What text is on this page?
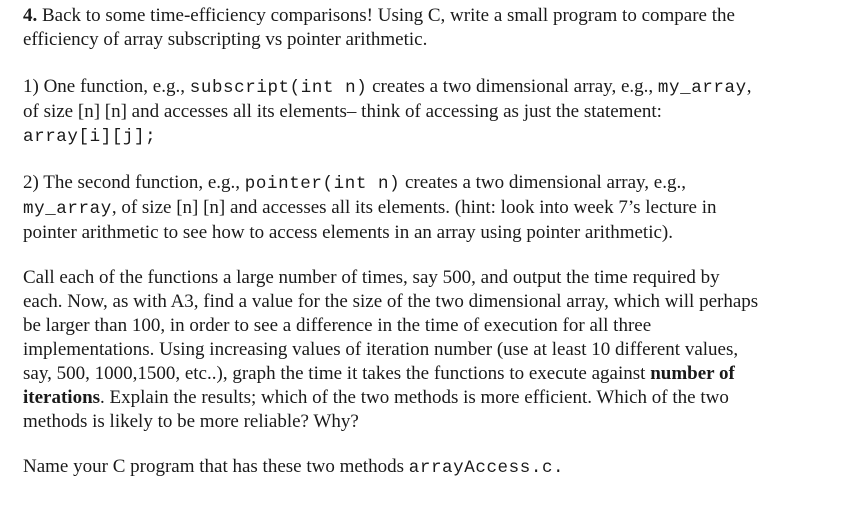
4. Back to some time-efficiency comparisons! Using C, write a small program to compare the
efficiency of array subscripting vs pointer arithmetic.
1) One function, e.g., subscript(int n) creates a two dimensional array, e.g., my_array,
of size [n] [n] and accesses all its elements– think of accessing as just the statement:
array[i][j];
2) The second function, e.g., pointer(int n) creates a two dimensional array, e.g.,
my_array, of size [n] [n] and accesses all its elements. (hint: look into week 7’s lecture in
pointer arithmetic to see how to access elements in an array using pointer arithmetic).
Call each of the functions a large number of times, say 500, and output the time required by
each. Now, as with A3, find a value for the size of the two dimensional array, which will perhaps
be larger than 100, in order to see a difference in the time of execution for all three
implementations. Using increasing values of iteration number (use at least 10 different values,
say, 500, 1000,1500, etc..), graph the time it takes the functions to execute against number of
iterations. Explain the results; which of the two methods is more efficient. Which of the two
methods is likely to be more reliable? Why?
Name your C program that has these two methods arrayAccess.c.
